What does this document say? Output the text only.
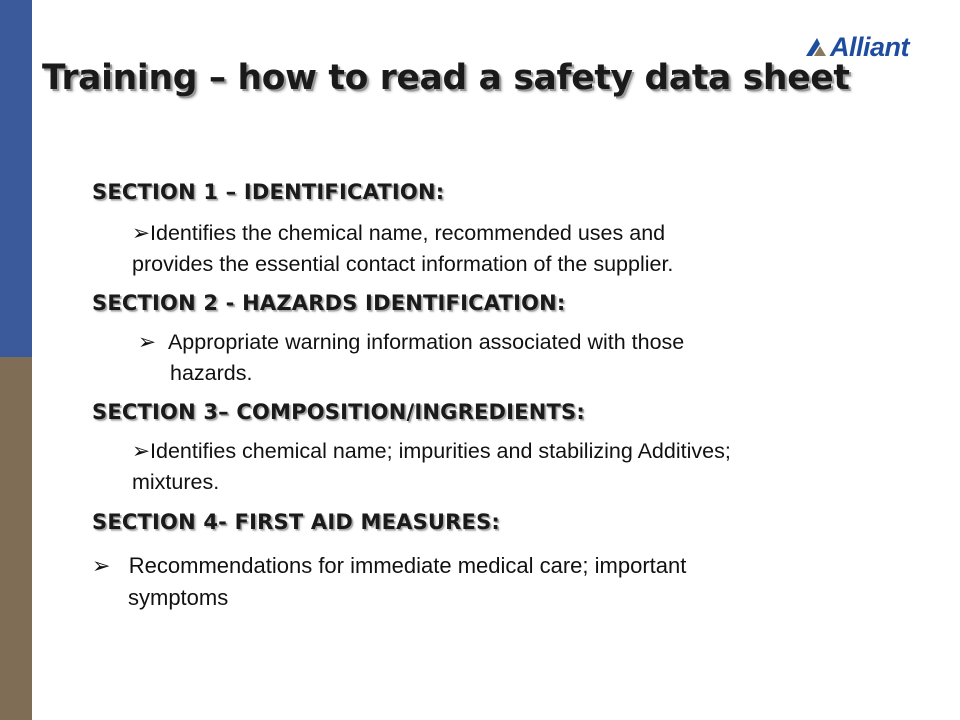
Alliant
Training – how to read a safety data sheet
SECTION 1 – IDENTIFICATION:
➢Identifies the chemical name, recommended uses and
provides the essential contact information of the supplier.
SECTION 2 - HAZARDS IDENTIFICATION:
➢ Appropriate warning information associated with those
hazards.
SECTION 3– COMPOSITION/INGREDIENTS:
➢Identifies chemical name; impurities and stabilizing Additives;
mixtures.
SECTION 4- FIRST AID MEASURES:
➢ Recommendations for immediate medical care; important
symptoms
